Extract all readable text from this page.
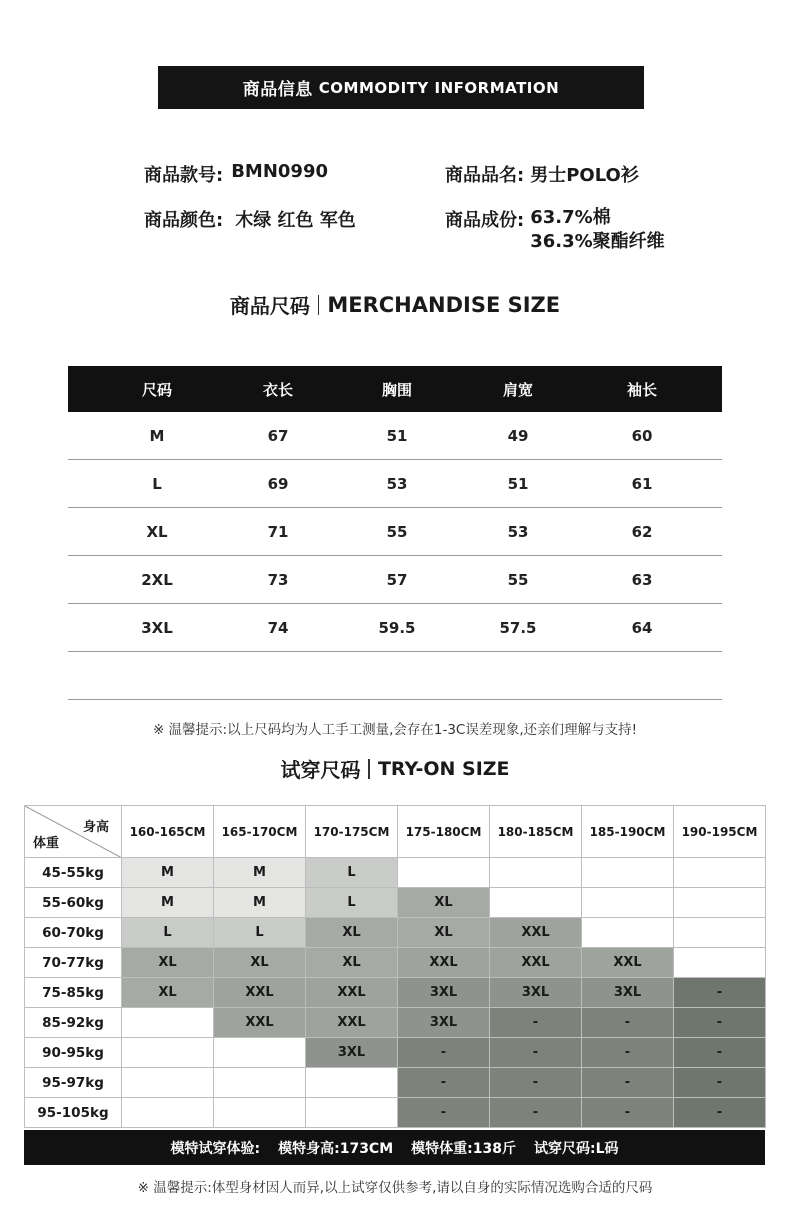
商品信息 COMMODITY INFORMATION
商品款号: BMN0990	商品品名: 男士POLO衫
商品颜色: 木绿 红色 军色	商品成份: 63.7%棉
36.3%聚酯纤维
商品尺码 MERCHANDISE SIZE
尺码	衣长	胸围	肩宽	袖长
M	67	51	49	60
L	69	53	51	61
XL	71	55	53	62
2XL	73	57	55	63
3XL	74	59.5	57.5	64
※ 温馨提示:以上尺码均为人工手工测量,会存在1-3C误差现象,还亲们理解与支持!
试穿尺码 TRY-ON SIZE
身高
体重	160-165CM	165-170CM	170-175CM	175-180CM	180-185CM	185-190CM	190-195CM
45-55kg	M	M	L				
55-60kg	M	M	L	XL			
60-70kg	L	L	XL	XL	XXL		
70-77kg	XL	XL	XL	XXL	XXL	XXL	
75-85kg	XL	XXL	XXL	3XL	3XL	3XL	-
85-92kg		XXL	XXL	3XL	-	-	-
90-95kg			3XL	-	-	-	-
95-97kg				-	-	-	-
95-105kg				-	-	-	-
模特试穿体验: 模特身高:173CM 模特体重:138斤 试穿尺码:L码
※ 温馨提示:体型身材因人而异,以上试穿仅供参考,请以自身的实际情况选购合适的尺码
